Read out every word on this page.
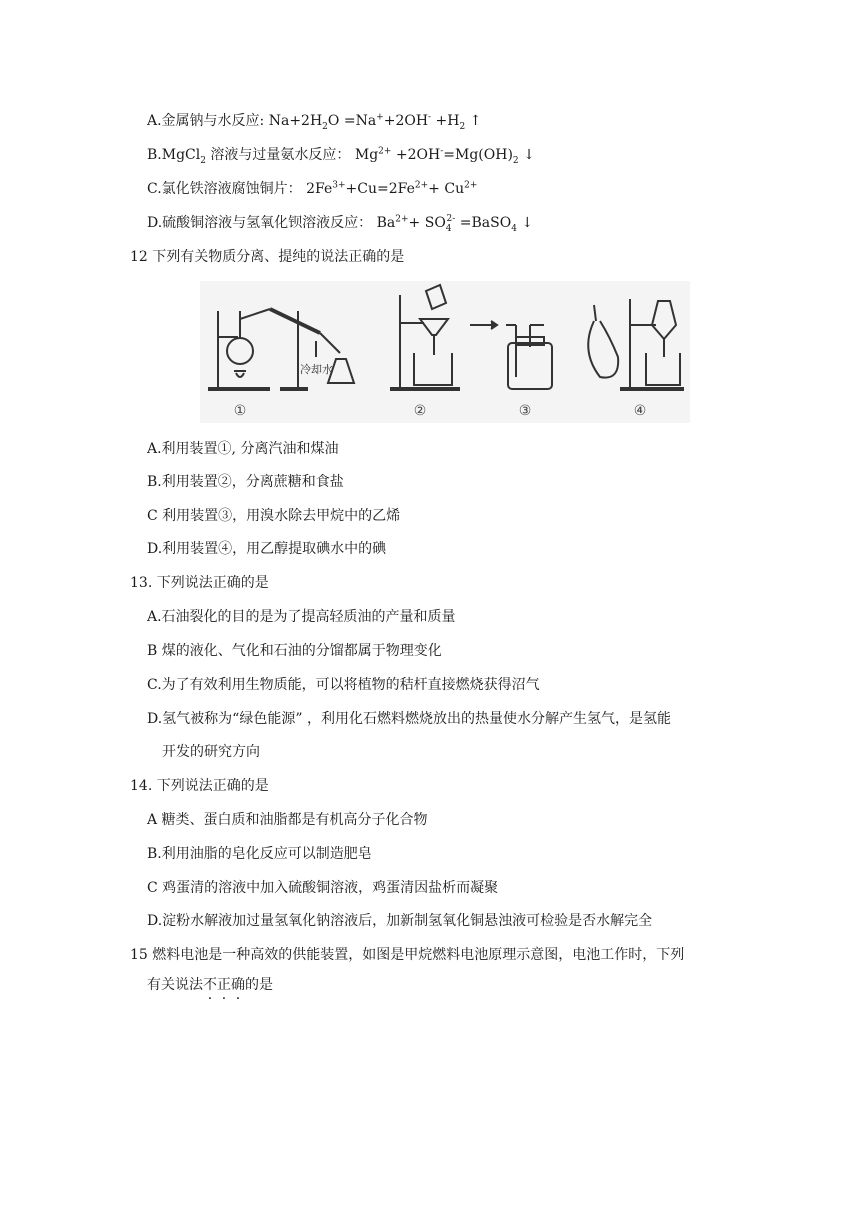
A.金属钠与水反应: $Na+2H_2O =Na^++2OH^- +H_2$ ↑
B.MgCl$_2$ 溶液与过量氨水反应： $Mg^{2+} +2OH^-=Mg(OH)_2$ ↓
C.氯化铁溶液腐蚀铜片： $2Fe^{3+}+Cu=2Fe^{2+}+ Cu^{2+}$
D.硫酸铜溶液与氢氧化钡溶液反应： $Ba^{2+}+ SO_4^{2-}$ =BaSO$_4$ ↓
12 下列有关物质分离、提纯的说法正确的是
冷却水
①	②	③	④
A.利用装置①, 分离汽油和煤油
B.利用装置②，分离蔗糖和食盐
C 利用装置③，用溴水除去甲烷中的乙烯
D.利用装置④，用乙醇提取碘水中的碘
13. 下列说法正确的是
A.石油裂化的目的是为了提高轻质油的产量和质量
B 煤的液化、气化和石油的分馏都属于物理变化
C.为了有效利用生物质能，可以将植物的秸杆直接燃烧获得沼气
D.氢气被称为“绿色能源” ，利用化石燃料燃烧放出的热量使水分解产生氢气，是氢能
开发的研究方向
14. 下列说法正确的是
A 糖类、蛋白质和油脂都是有机高分子化合物
B.利用油脂的皂化反应可以制造肥皂
C 鸡蛋清的溶液中加入硫酸铜溶液，鸡蛋清因盐析而凝聚
D.淀粉水解液加过量氢氧化钠溶液后，加新制氢氧化铜悬浊液可检验是否水解完全
15 燃料电池是一种高效的供能装置，如图是甲烷燃料电池原理示意图，电池工作时，下列
有关说法不正确的是
